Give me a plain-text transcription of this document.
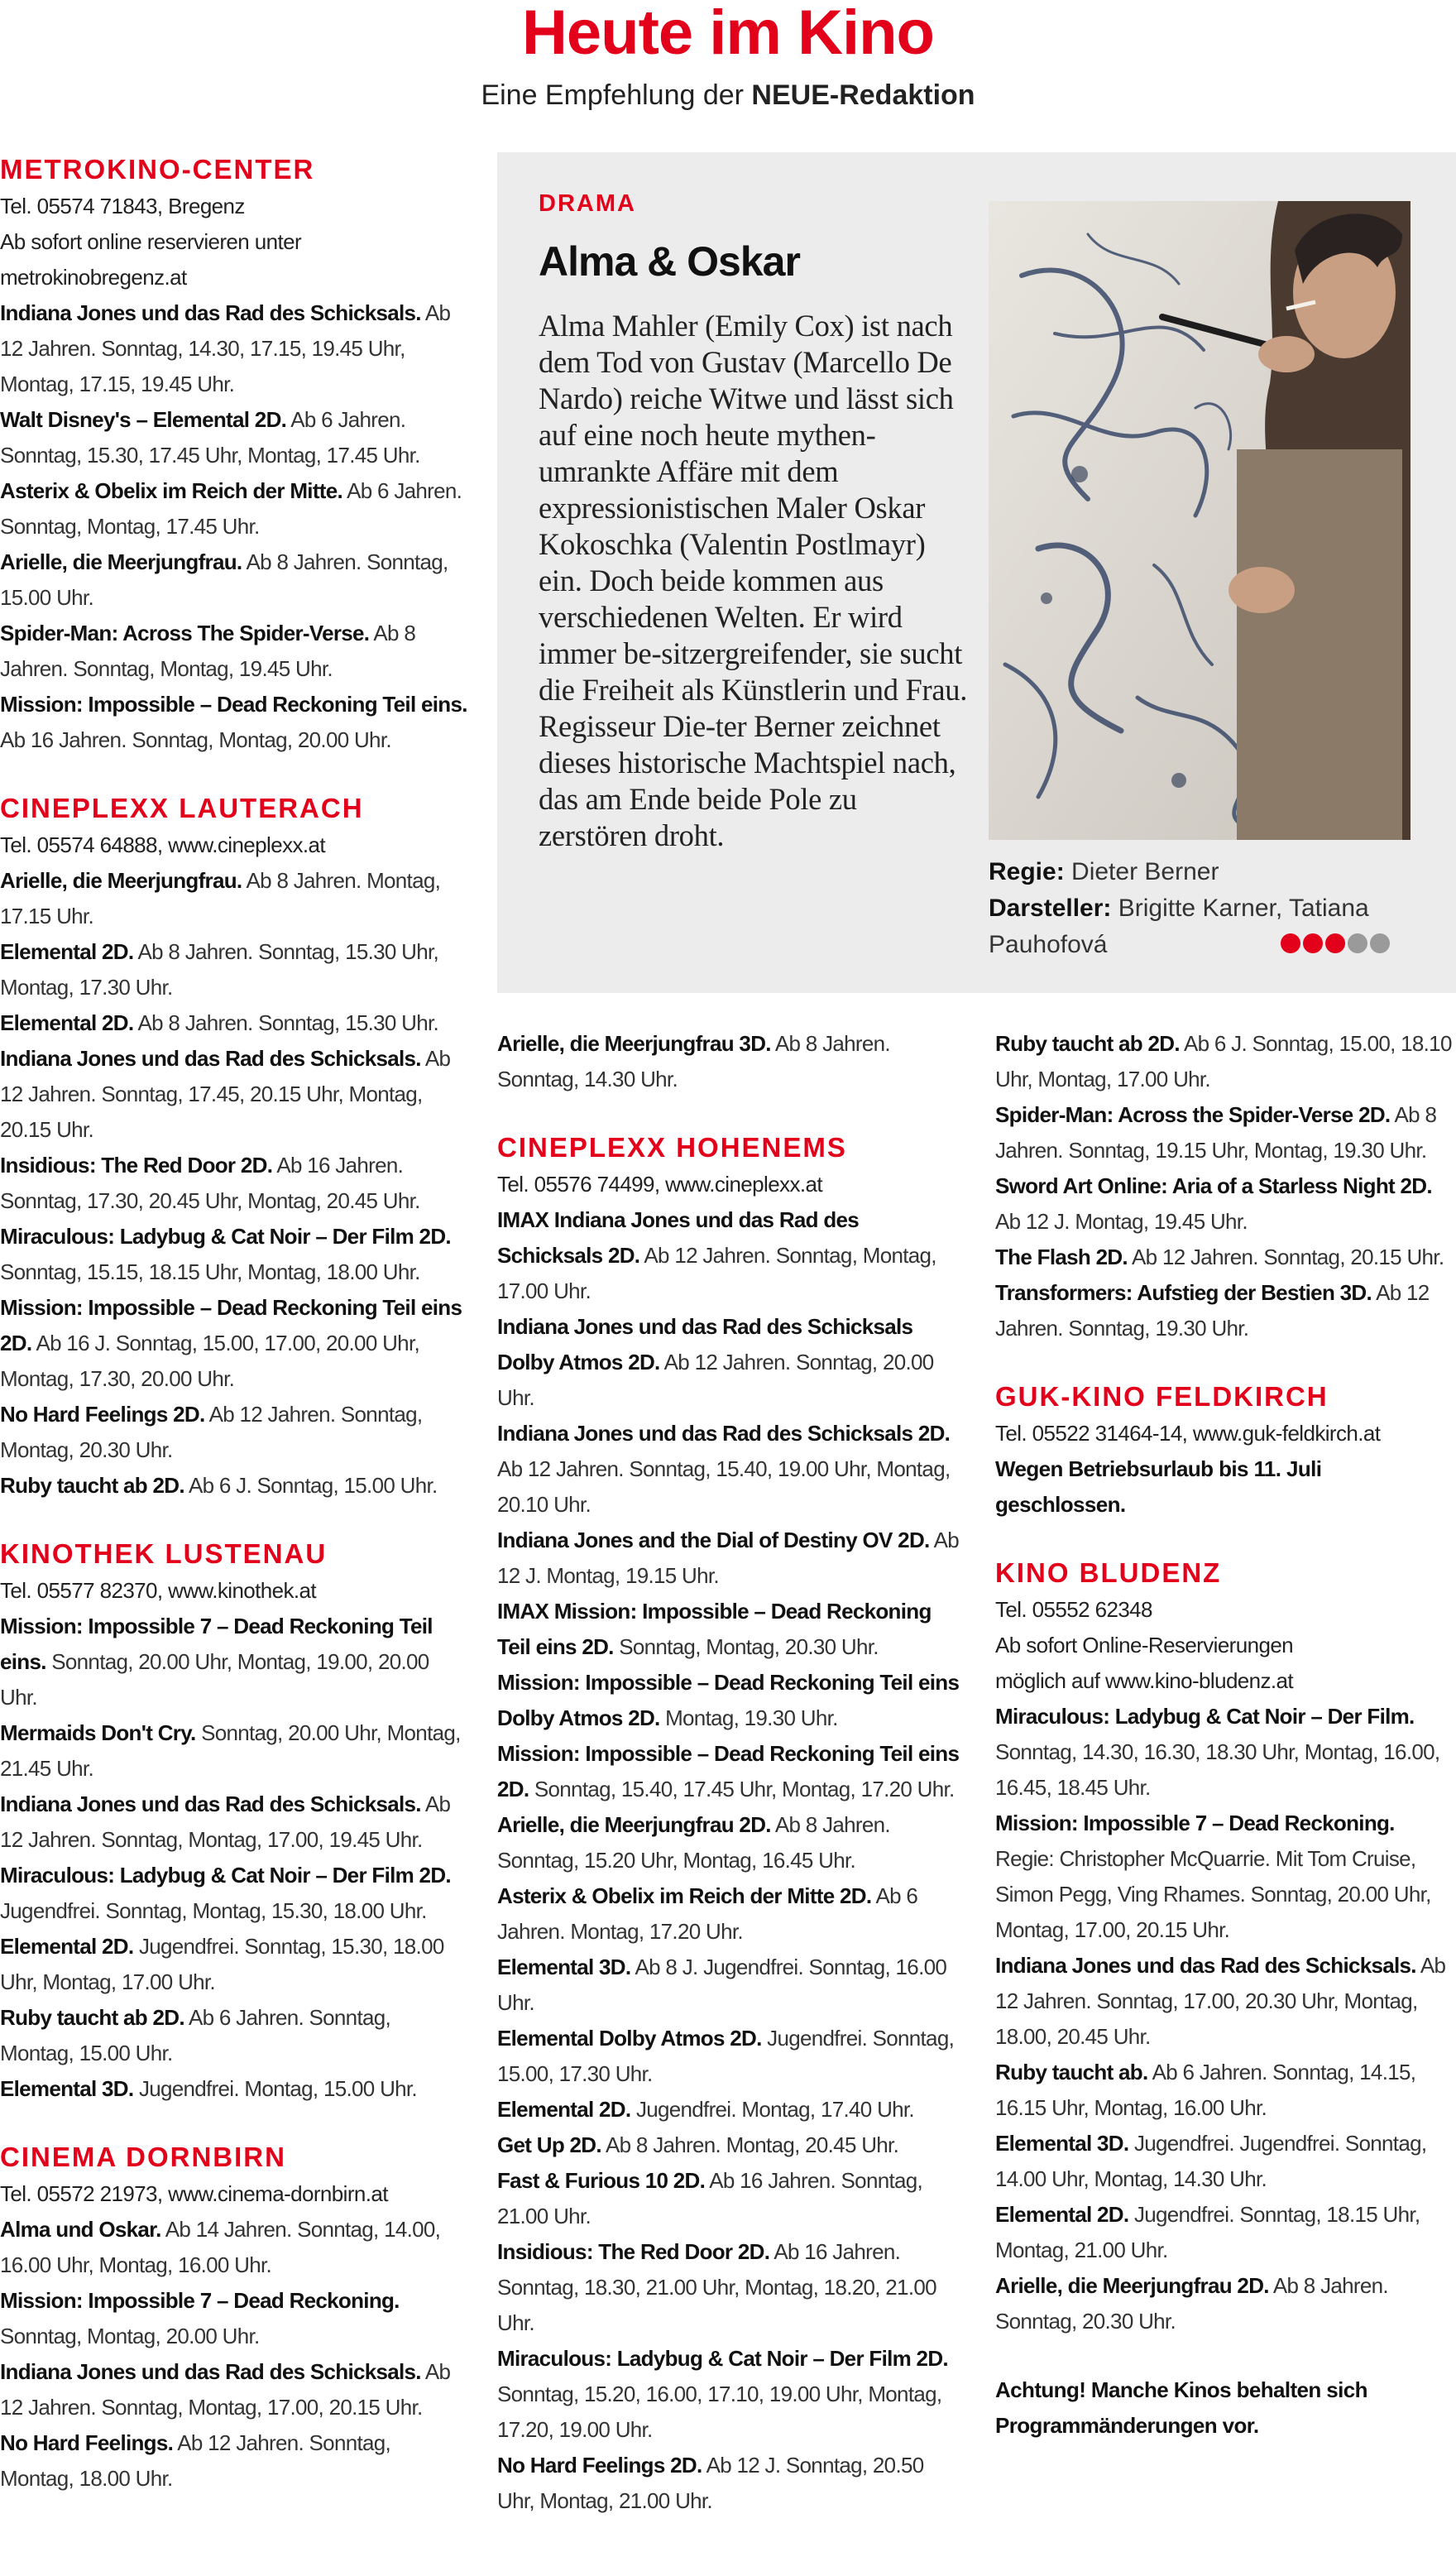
Heute im Kino
Eine Empfehlung der NEUE-Redaktion
METROKINO-CENTER
Tel. 05574 71843, Bregenz
Ab sofort online reservieren unter
metrokinobregenz.at

Indiana Jones und das Rad des Schicksals. Ab 12 Jahren. Sonntag, 14.30, 17.15, 19.45 Uhr, Montag, 17.15, 19.45 Uhr.

Walt Disney's – Elemental 2D. Ab 6 Jahren. Sonntag, 15.30, 17.45 Uhr, Montag, 17.45 Uhr.

Asterix & Obelix im Reich der Mitte. Ab 6 Jahren. Sonntag, Montag, 17.45 Uhr.

Arielle, die Meerjungfrau. Ab 8 Jahren. Sonntag, 15.00 Uhr.

Spider-Man: Across The Spider-Verse. Ab 8 Jahren. Sonntag, Montag, 19.45 Uhr.

Mission: Impossible – Dead Reckoning Teil eins. Ab 16 Jahren. Sonntag, Montag, 20.00 Uhr.

CINEPLEXX LAUTERACH
Tel. 05574 64888, www.cineplexx.at

Arielle, die Meerjungfrau. Ab 8 Jahren. Montag, 17.15 Uhr.

Elemental 2D. Ab 8 Jahren. Sonntag, 15.30 Uhr, Montag, 17.30 Uhr.

Elemental 2D. Ab 8 Jahren. Sonntag, 15.30 Uhr.

Indiana Jones und das Rad des Schicksals. Ab 12 Jahren. Sonntag, 17.45, 20.15 Uhr, Montag, 20.15 Uhr.

Insidious: The Red Door 2D. Ab 16 Jahren. Sonntag, 17.30, 20.45 Uhr, Montag, 20.45 Uhr.

Miraculous: Ladybug & Cat Noir – Der Film 2D. Sonntag, 15.15, 18.15 Uhr, Montag, 18.00 Uhr.

Mission: Impossible – Dead Reckoning Teil eins 2D. Ab 16 J. Sonntag, 15.00, 17.00, 20.00 Uhr, Montag, 17.30, 20.00 Uhr.

No Hard Feelings 2D. Ab 12 Jahren. Sonntag, Montag, 20.30 Uhr.

Ruby taucht ab 2D. Ab 6 J. Sonntag, 15.00 Uhr.

KINOTHEK LUSTENAU
Tel. 05577 82370, www.kinothek.at

Mission: Impossible 7 – Dead Reckoning Teil eins. Sonntag, 20.00 Uhr, Montag, 19.00, 20.00 Uhr.

Mermaids Don't Cry. Sonntag, 20.00 Uhr, Montag, 21.45 Uhr.

Indiana Jones und das Rad des Schicksals. Ab 12 Jahren. Sonntag, Montag, 17.00, 19.45 Uhr.

Miraculous: Ladybug & Cat Noir – Der Film 2D. Jugendfrei. Sonntag, Montag, 15.30, 18.00 Uhr.

Elemental 2D. Jugendfrei. Sonntag, 15.30, 18.00 Uhr, Montag, 17.00 Uhr.

Ruby taucht ab 2D. Ab 6 Jahren. Sonntag, Montag, 15.00 Uhr.

Elemental 3D. Jugendfrei. Montag, 15.00 Uhr.

CINEMA DORNBIRN
Tel. 05572 21973, www.cinema-dornbirn.at

Alma und Oskar. Ab 14 Jahren. Sonntag, 14.00, 16.00 Uhr, Montag, 16.00 Uhr.

Mission: Impossible 7 – Dead Reckoning. Sonntag, Montag, 20.00 Uhr.

Indiana Jones und das Rad des Schicksals. Ab 12 Jahren. Sonntag, Montag, 17.00, 20.15 Uhr.

No Hard Feelings. Ab 12 Jahren. Sonntag, Montag, 18.00 Uhr.

DRAMA
Alma & Oskar

Alma Mahler (Emily Cox) ist nach dem Tod von Gustav (Marcello De Nardo) reiche Witwe und lässt sich auf eine noch heute mythen-umrankte Affäre mit dem expressionistischen Maler Oskar Kokoschka (Valentin Postlmayr) ein. Doch beide kommen aus verschiedenen Welten. Er wird immer be-sitzergreifender, sie sucht die Freiheit als Künstlerin und Frau. Regisseur Die-ter Berner zeichnet dieses historische Machtspiel nach, das am Ende beide Pole zu zerstören droht.

Regie: Dieter Berner
Darsteller: Brigitte Karner, Tatiana Pauhofová

Arielle, die Meerjungfrau 3D. Ab 8 Jahren. Sonntag, 14.30 Uhr.

CINEPLEXX HOHENEMS
Tel. 05576 74499, www.cineplexx.at

IMAX Indiana Jones und das Rad des Schicksals 2D. Ab 12 Jahren. Sonntag, Montag, 17.00 Uhr.

Indiana Jones und das Rad des Schicksals Dolby Atmos 2D. Ab 12 Jahren. Sonntag, 20.00 Uhr.

Indiana Jones und das Rad des Schicksals 2D. Ab 12 Jahren. Sonntag, 15.40, 19.00 Uhr, Montag, 20.10 Uhr.

Indiana Jones and the Dial of Destiny OV 2D. Ab 12 J. Montag, 19.15 Uhr.

IMAX Mission: Impossible – Dead Reckoning Teil eins 2D. Sonntag, Montag, 20.30 Uhr.

Mission: Impossible – Dead Reckoning Teil eins Dolby Atmos 2D. Montag, 19.30 Uhr.

Mission: Impossible – Dead Reckoning Teil eins 2D. Sonntag, 15.40, 17.45 Uhr, Montag, 17.20 Uhr.

Arielle, die Meerjungfrau 2D. Ab 8 Jahren. Sonntag, 15.20 Uhr, Montag, 16.45 Uhr.

Asterix & Obelix im Reich der Mitte 2D. Ab 6 Jahren. Montag, 17.20 Uhr.

Elemental 3D. Ab 8 J. Jugendfrei. Sonntag, 16.00 Uhr.

Elemental Dolby Atmos 2D. Jugendfrei. Sonntag, 15.00, 17.30 Uhr.

Elemental 2D. Jugendfrei. Montag, 17.40 Uhr.

Get Up 2D. Ab 8 Jahren. Montag, 20.45 Uhr.

Fast & Furious 10 2D. Ab 16 Jahren. Sonntag, 21.00 Uhr.

Insidious: The Red Door 2D. Ab 16 Jahren. Sonntag, 18.30, 21.00 Uhr, Montag, 18.20, 21.00 Uhr.

Miraculous: Ladybug & Cat Noir – Der Film 2D. Sonntag, 15.20, 16.00, 17.10, 19.00 Uhr, Montag, 17.20, 19.00 Uhr.

No Hard Feelings 2D. Ab 12 J. Sonntag, 20.50 Uhr, Montag, 21.00 Uhr.

Ruby taucht ab 2D. Ab 6 J. Sonntag, 15.00, 18.10 Uhr, Montag, 17.00 Uhr.

Spider-Man: Across the Spider-Verse 2D. Ab 8 Jahren. Sonntag, 19.15 Uhr, Montag, 19.30 Uhr.

Sword Art Online: Aria of a Starless Night 2D. Ab 12 J. Montag, 19.45 Uhr.

The Flash 2D. Ab 12 Jahren. Sonntag, 20.15 Uhr.

Transformers: Aufstieg der Bestien 3D. Ab 12 Jahren. Sonntag, 19.30 Uhr.

GUK-KINO FELDKIRCH
Tel. 05522 31464-14, www.guk-feldkirch.at
Wegen Betriebsurlaub bis 11. Juli geschlossen.
KINO BLUDENZ
Tel. 05552 62348
Ab sofort Online-Reservierungen
möglich auf www.kino-bludenz.at

Miraculous: Ladybug & Cat Noir – Der Film. Sonntag, 14.30, 16.30, 18.30 Uhr, Montag, 16.00, 16.45, 18.45 Uhr.

Mission: Impossible 7 – Dead Reckoning. Regie: Christopher McQuarrie. Mit Tom Cruise, Simon Pegg, Ving Rhames. Sonntag, 20.00 Uhr, Montag, 17.00, 20.15 Uhr.

Indiana Jones und das Rad des Schicksals. Ab 12 Jahren. Sonntag, 17.00, 20.30 Uhr, Montag, 18.00, 20.45 Uhr.

Ruby taucht ab. Ab 6 Jahren. Sonntag, 14.15, 16.15 Uhr, Montag, 16.00 Uhr.

Elemental 3D. Jugendfrei. Jugendfrei. Sonntag, 14.00 Uhr, Montag, 14.30 Uhr.

Elemental 2D. Jugendfrei. Sonntag, 18.15 Uhr, Montag, 21.00 Uhr.

Arielle, die Meerjungfrau 2D. Ab 8 Jahren. Sonntag, 20.30 Uhr.

Achtung! Manche Kinos behalten sich Programmänderungen vor.
